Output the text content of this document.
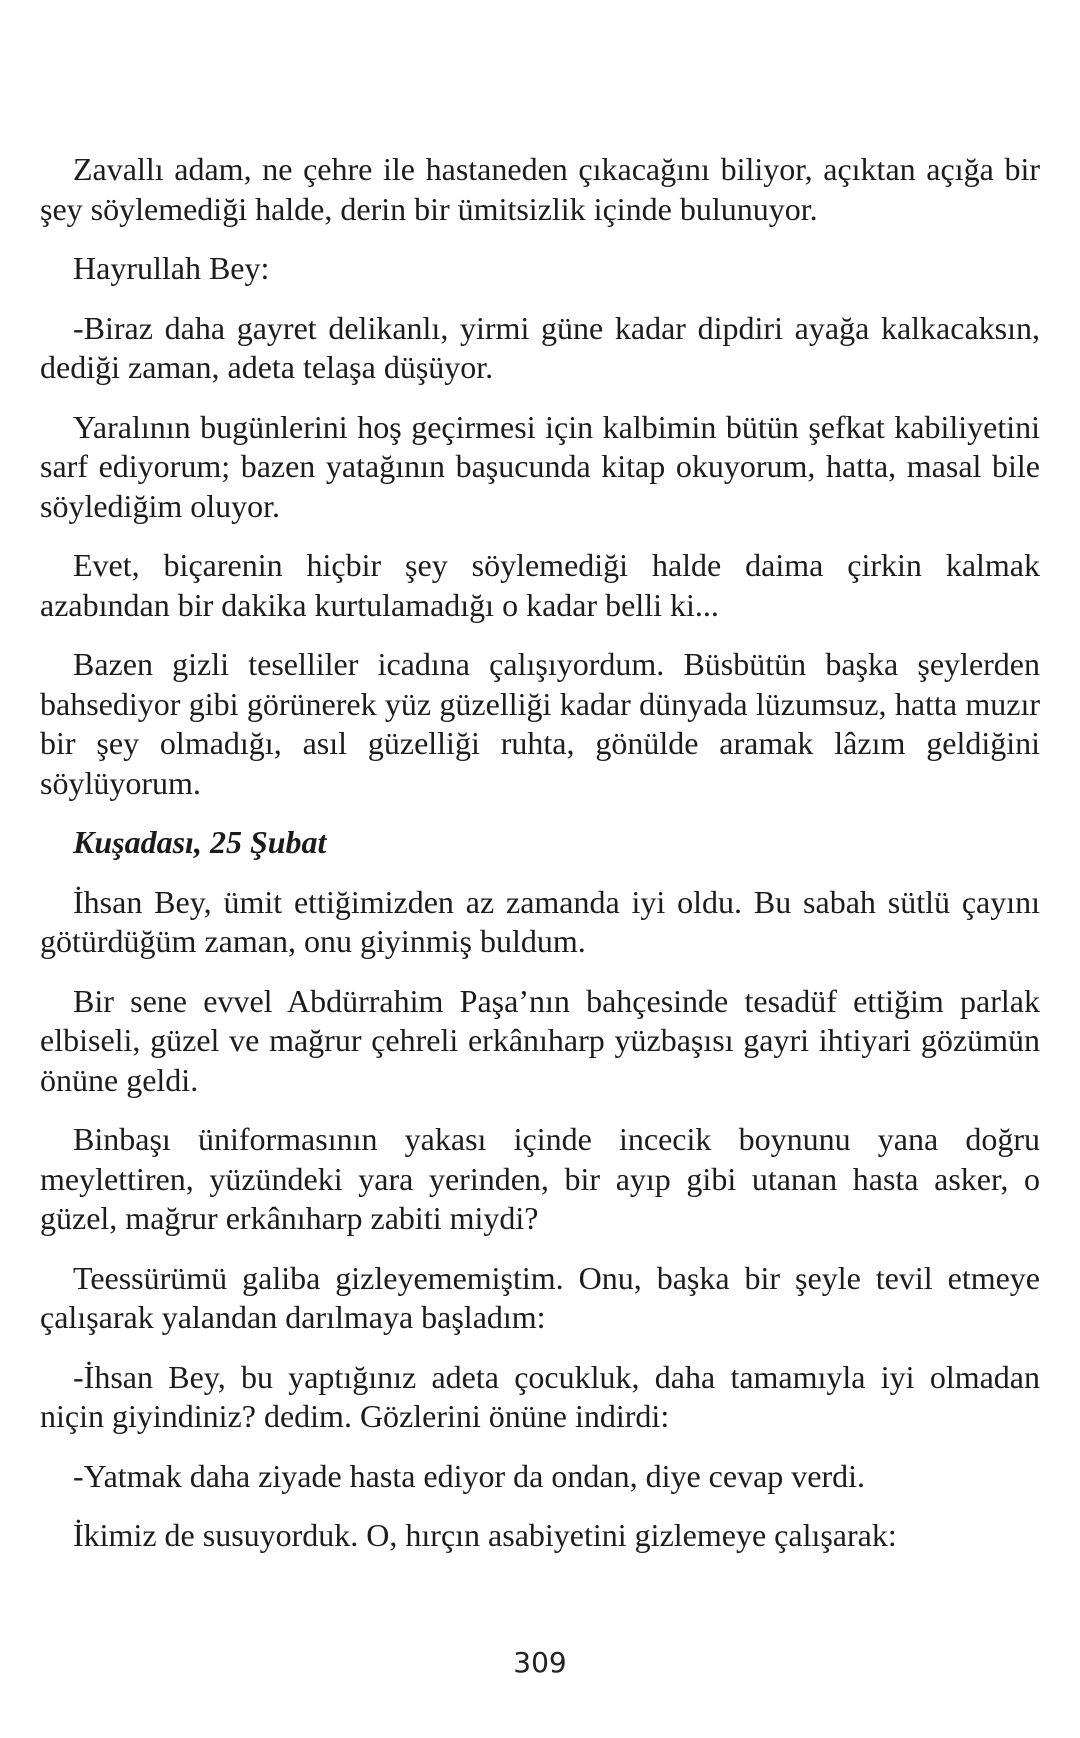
Zavallı adam, ne çehre ile hastaneden çıkacağını biliyor, açıktan açığa bir şey söylemediği halde, derin bir ümitsizlik içinde bulunuyor.

Hayrullah Bey:

-Biraz daha gayret delikanlı, yirmi güne kadar dipdiri ayağa kalkacaksın, dediği zaman, adeta telaşa düşüyor.

Yaralının bugünlerini hoş geçirmesi için kalbimin bütün şefkat kabiliyetini sarf ediyorum; bazen yatağının başucunda kitap okuyorum, hatta, masal bile söylediğim oluyor.

Evet, biçarenin hiçbir şey söylemediği halde daima çirkin kalmak azabından bir dakika kurtulamadığı o kadar belli ki...

Bazen gizli teselliler icadına çalışıyordum. Büsbütün başka şeylerden bahsediyor gibi görünerek yüz güzelliği kadar dünyada lüzumsuz, hatta muzır bir şey olmadığı, asıl güzelliği ruhta, gönülde aramak lâzım geldiğini söylüyorum.

Kuşadası, 25 Şubat

İhsan Bey, ümit ettiğimizden az zamanda iyi oldu. Bu sabah sütlü çayını götürdüğüm zaman, onu giyinmiş buldum.

Bir sene evvel Abdürrahim Paşa’nın bahçesinde tesadüf ettiğim parlak elbiseli, güzel ve mağrur çehreli erkânıharp yüzbaşısı gayri ihtiyari gözümün önüne geldi.

Binbaşı üniformasının yakası içinde incecik boynunu yana doğru meylettiren, yüzündeki yara yerinden, bir ayıp gibi utanan hasta asker, o güzel, mağrur erkânıharp zabiti miydi?

Teessürümü galiba gizleyememiştim. Onu, başka bir şeyle tevil etmeye çalışarak yalandan darılmaya başladım:

-İhsan Bey, bu yaptığınız adeta çocukluk, daha tamamıyla iyi olmadan niçin giyindiniz? dedim. Gözlerini önüne indirdi:

-Yatmak daha ziyade hasta ediyor da ondan, diye cevap verdi.

İkimiz de susuyorduk. O, hırçın asabiyetini gizlemeye çalışarak:

309
